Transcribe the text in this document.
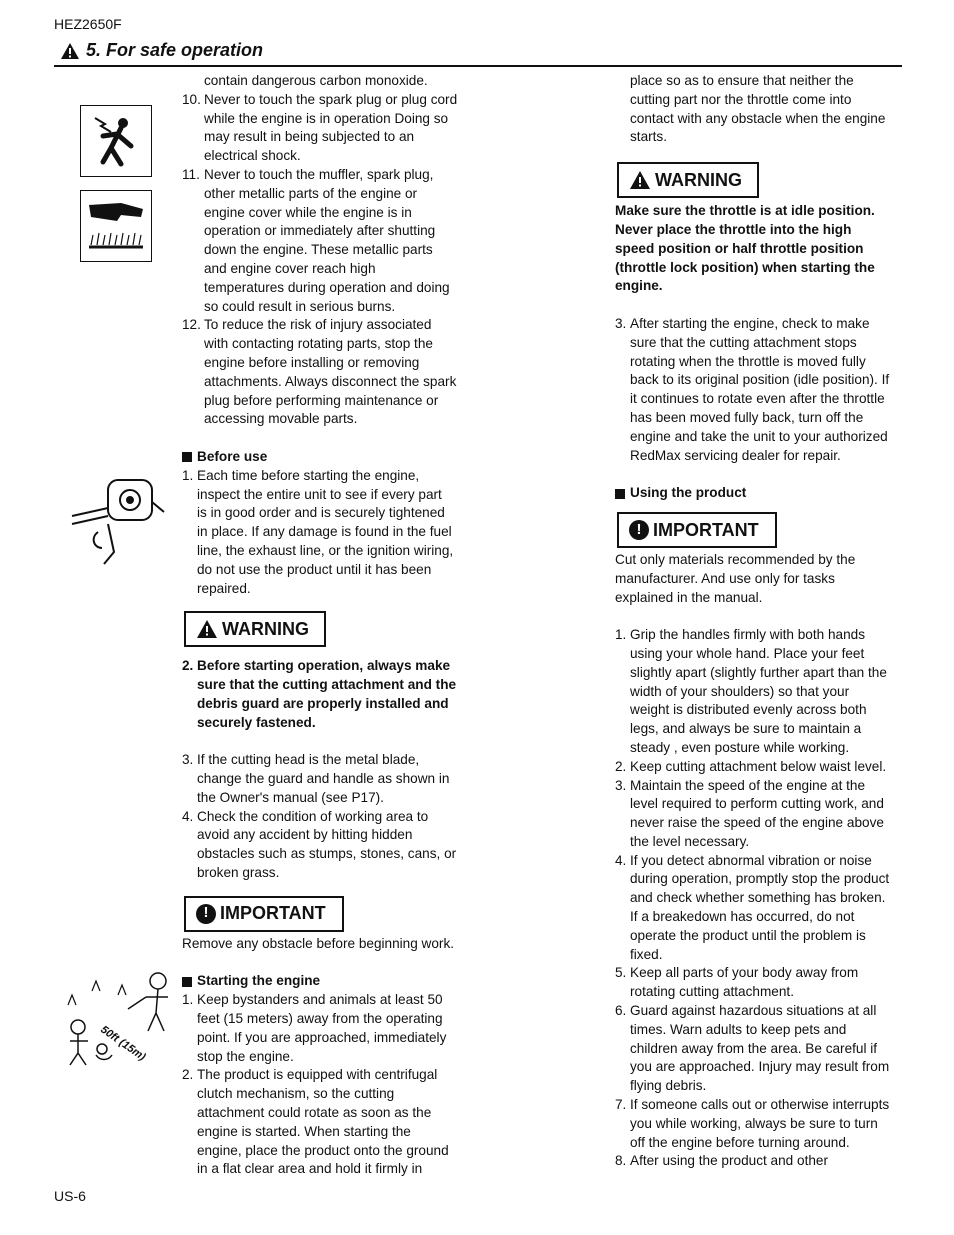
HEZ2650F
5. For safe operation
50ft (15m)

contain dangerous carbon monoxide.

10. Never to touch the spark plug or plug cord

while the engine is in operation Doing so

may result in being subjected to an

electrical shock.

11. Never to touch the muffler, spark plug,

other metallic parts of the engine or

engine cover while the engine is in

operation or immediately after shutting

down the engine. These metallic parts

and engine cover reach high

temperatures during operation and doing

so could result in serious burns.

12. To reduce the risk of injury associated

with contacting rotating parts, stop the

engine before installing or removing

attachments. Always disconnect the spark

plug before performing maintenance or

accessing movable parts.

Before use
1. Each time before starting the engine,

inspect the entire unit to see if every part

is in good order and is securely tightened

in place. If any damage is found in the fuel

line, the exhaust line, or the ignition wiring,

do not use the product until it has been

repaired.

WARNING
2. Before starting operation, always make

sure that the cutting attachment and the

debris guard are properly installed and

securely fastened.

3. If the cutting head is the metal blade,

change the guard and handle as shown in

the Owner's manual (see P17).

4. Check the condition of working area to

avoid any accident by hitting hidden

obstacles such as stumps, stones, cans, or

broken grass.

! IMPORTANT

Remove any obstacle before beginning work.

Starting the engine
1. Keep bystanders and animals at least 50

feet (15 meters) away from the operating

point. If you are approached, immediately

stop the engine.

2. The product is equipped with centrifugal

clutch mechanism, so the cutting

attachment could rotate as soon as the

engine is started. When starting the

engine, place the product onto the ground

in a flat clear area and hold it firmly in

place so as to ensure that neither the

cutting part nor the throttle come into

contact with any obstacle when the engine

starts.

WARNING

Make sure the throttle is at idle position.

Never place the throttle into the high

speed position or half throttle position

(throttle lock position) when starting the

engine.

3. After starting the engine, check to make

sure that the cutting attachment stops

rotating when the throttle is moved fully

back to its original position (idle position). If

it continues to rotate even after the throttle

has been moved fully back, turn off the

engine and take the unit to your authorized

RedMax servicing dealer for repair.

Using the product
! IMPORTANT

Cut only materials recommended by the

manufacturer. And use only for tasks

explained in the manual.

1. Grip the handles firmly with both hands

using your whole hand. Place your feet

slightly apart (slightly further apart than the

width of your shoulders) so that your

weight is distributed evenly across both

legs, and always be sure to maintain a

steady , even posture while working.

2. Keep cutting attachment below waist level.

3. Maintain the speed of the engine at the

level required to perform cutting work, and

never raise the speed of the engine above

the level necessary.

4. If you detect abnormal vibration or noise

during operation, promptly stop the product

and check whether something has broken.

If a breakedown has occurred, do not

operate the product until the problem is

fixed.

5. Keep all parts of your body away from

rotating cutting attachment.

6. Guard against hazardous situations at all

times. Warn adults to keep pets and

children away from the area. Be careful if

you are approached. Injury may result from

flying debris.

7. If someone calls out or otherwise interrupts

you while working, always be sure to turn

off the engine before turning around.

8. After using the product and other

US-6
